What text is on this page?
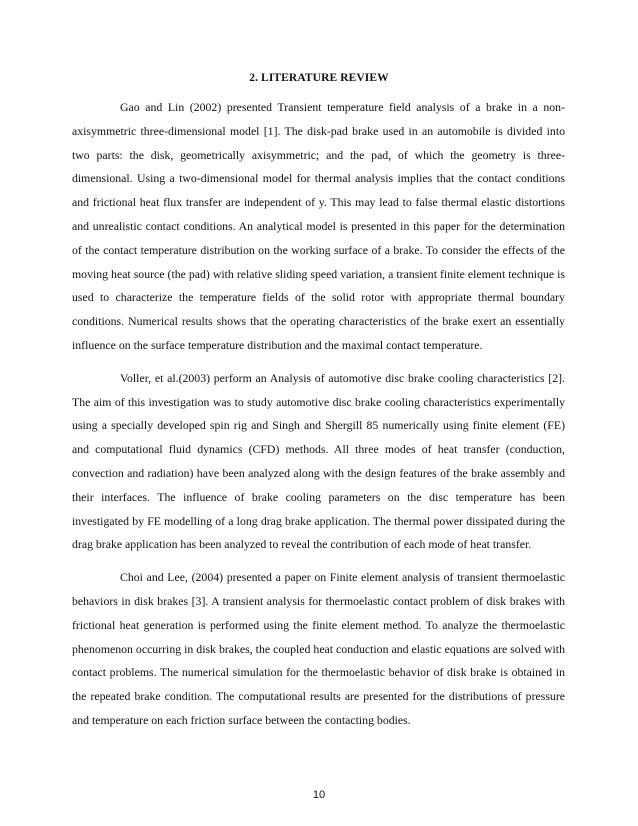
2. LITERATURE REVIEW

Gao and Lin (2002) presented Transient temperature field analysis of a brake in a non-axisymmetric three-dimensional model [1]. The disk-pad brake used in an automobile is divided into two parts: the disk, geometrically axisymmetric; and the pad, of which the geometry is three-dimensional. Using a two-dimensional model for thermal analysis implies that the contact conditions and frictional heat flux transfer are independent of y. This may lead to false thermal elastic distortions and unrealistic contact conditions. An analytical model is presented in this paper for the determination of the contact temperature distribution on the working surface of a brake. To consider the effects of the moving heat source (the pad) with relative sliding speed variation, a transient finite element technique is used to characterize the temperature fields of the solid rotor with appropriate thermal boundary conditions. Numerical results shows that the operating characteristics of the brake exert an essentially influence on the surface temperature distribution and the maximal contact temperature.

Voller, et al.(2003) perform an Analysis of automotive disc brake cooling characteristics [2]. The aim of this investigation was to study automotive disc brake cooling characteristics experimentally using a specially developed spin rig and Singh and Shergill 85 numerically using finite element (FE) and computational fluid dynamics (CFD) methods. All three modes of heat transfer (conduction, convection and radiation) have been analyzed along with the design features of the brake assembly and their interfaces. The influence of brake cooling parameters on the disc temperature has been investigated by FE modelling of a long drag brake application. The thermal power dissipated during the drag brake application has been analyzed to reveal the contribution of each mode of heat transfer.

Choi and Lee, (2004) presented a paper on Finite element analysis of transient thermoelastic behaviors in disk brakes [3]. A transient analysis for thermoelastic contact problem of disk brakes with frictional heat generation is performed using the finite element method. To analyze the thermoelastic phenomenon occurring in disk brakes, the coupled heat conduction and elastic equations are solved with contact problems. The numerical simulation for the thermoelastic behavior of disk brake is obtained in the repeated brake condition. The computational results are presented for the distributions of pressure and temperature on each friction surface between the contacting bodies.

10
